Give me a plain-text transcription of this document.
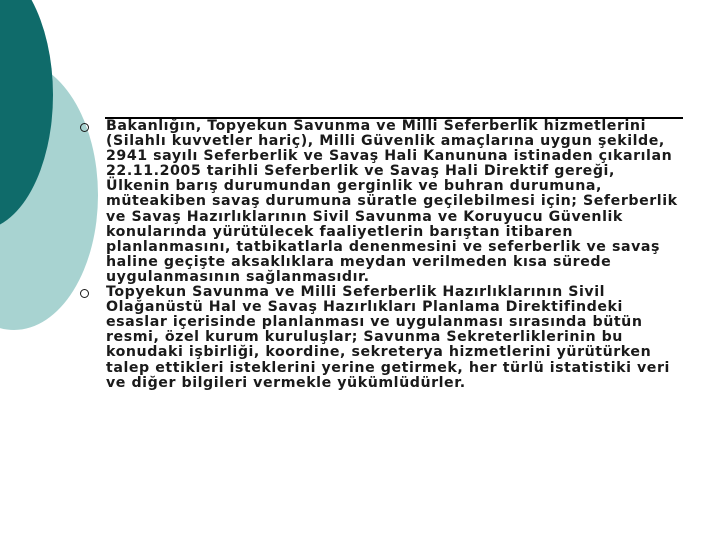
Bakanlığın, Topyekun Savunma ve Milli Seferberlik hizmetlerini (Silahlı kuvvetler hariç), Milli Güvenlik amaçlarına uygun şekilde, 2941 sayılı Seferberlik ve Savaş Hali Kanununa istinaden çıkarılan 22.11.2005 tarihli Seferberlik ve Savaş Hali Direktif gereği, Ülkenin barış durumundan gerginlik ve buhran durumuna, müteakiben savaş durumuna süratle geçilebilmesi için; Seferberlik ve Savaş Hazırlıklarının Sivil Savunma ve Koruyucu Güvenlik konularında yürütülecek faaliyetlerin barıştan itibaren planlanmasını, tatbikatlarla denenmesini ve seferberlik ve savaş haline geçişte aksaklıklara meydan verilmeden kısa sürede uygulanmasının sağlanmasıdır.
Topyekun Savunma ve Milli Seferberlik Hazırlıklarının Sivil Olağanüstü Hal ve Savaş Hazırlıkları Planlama Direktifindeki esaslar içerisinde planlanması ve uygulanması sırasında bütün resmi, özel kurum kuruluşlar; Savunma Sekreterliklerinin bu konudaki işbirliği, koordine, sekreterya hizmetlerini yürütürken talep ettikleri isteklerini yerine getirmek, her türlü istatistiki veri ve diğer bilgileri vermekle yükümlüdürler.
